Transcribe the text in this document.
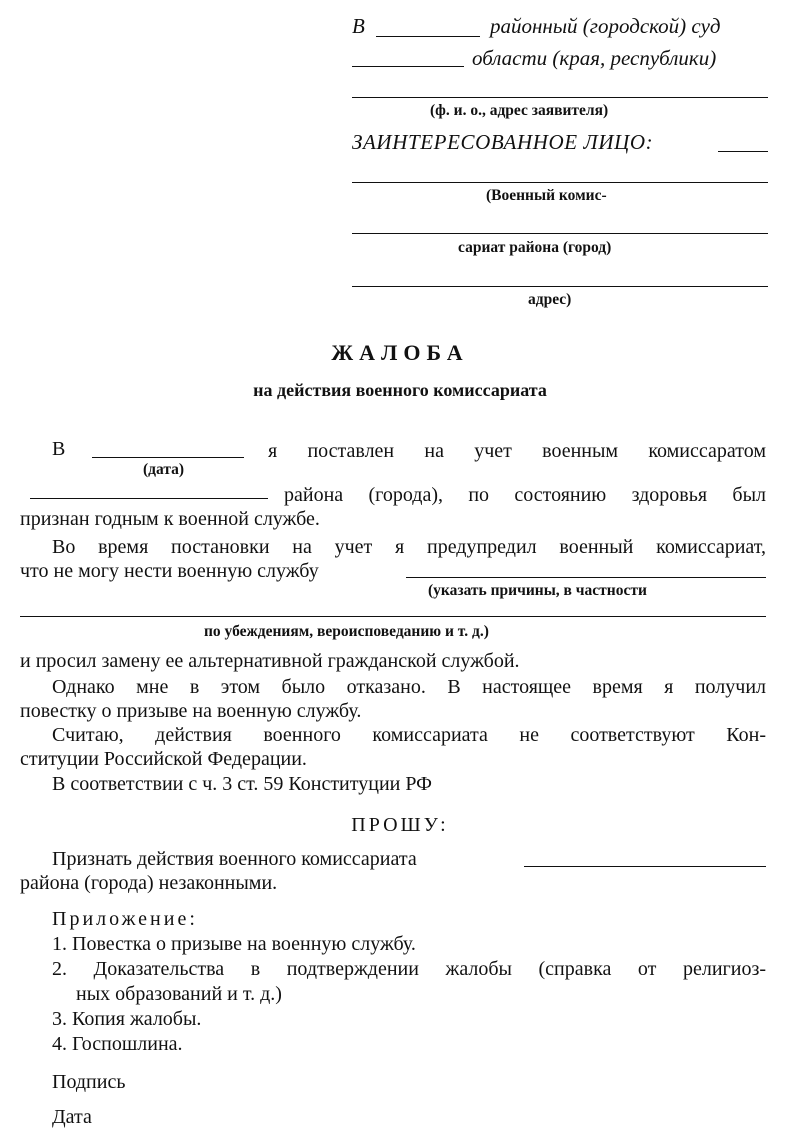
В	районный (городской) суд
области (края, республики)
(ф. и. о., адрес заявителя)
ЗАИНТЕРЕСОВАННОЕ ЛИЦО:
(Военный комис-
сариат района (город)
адрес)
ЖАЛОБА
на действия военного комиссариата
В	я поставлен на учет военным комиссаратом
(дата)
района (города), по состоянию здоровья был
признан годным к военной службе.
Во время постановки на учет я предупредил военный комиссариат,
что не могу нести военную службу
(указать причины, в частности
по убеждениям, вероисповеданию и т. д.)
и просил замену ее альтернативной гражданской службой.
Однако мне в этом было отказано. В настоящее время я получил
повестку о призыве на военную службу.
Считаю, действия военного комиссариата не соответствуют Кон-
ституции Российской Федерации.
В соответствии с ч. 3 ст. 59 Конституции РФ
ПРОШУ:
Признать действия военного комиссариата
района (города) незаконными.
Приложение:
1. Повестка о призыве на военную службу.
2. Доказательства в подтверждении жалобы (справка от религиоз-
ных образований и т. д.)
3. Копия жалобы.
4. Госпошлина.
Подпись
Дата
